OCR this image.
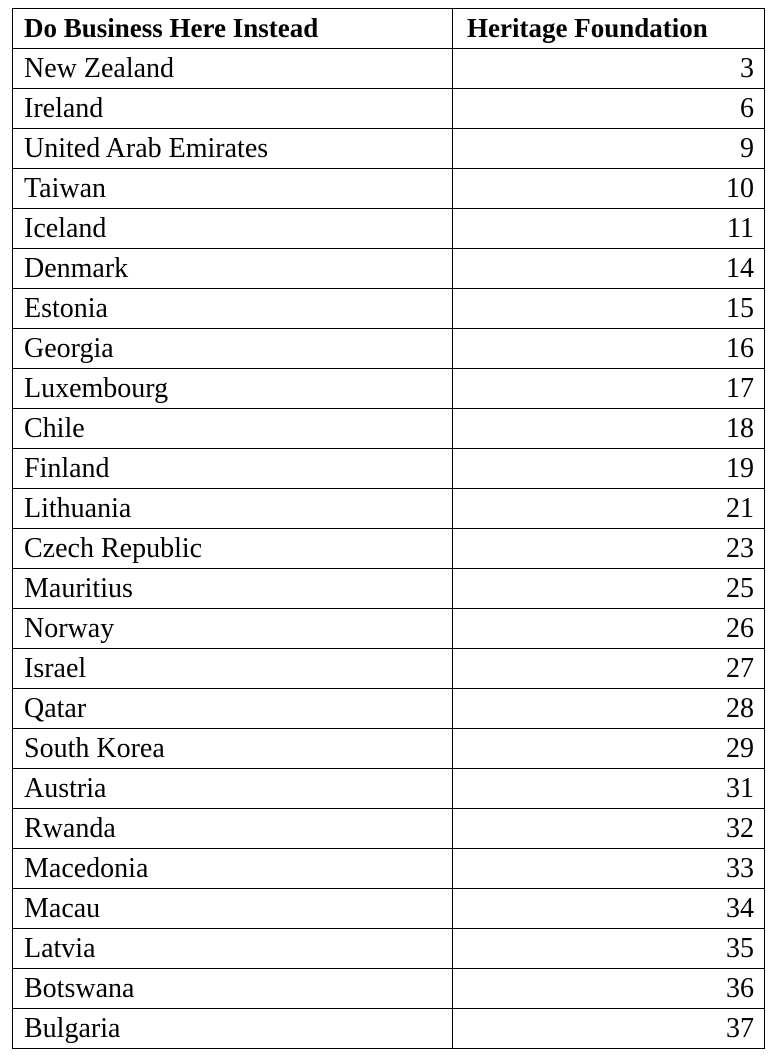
Do Business Here Instead	Heritage Foundation
New Zealand	3
Ireland	6
United Arab Emirates	9
Taiwan	10
Iceland	11
Denmark	14
Estonia	15
Georgia	16
Luxembourg	17
Chile	18
Finland	19
Lithuania	21
Czech Republic	23
Mauritius	25
Norway	26
Israel	27
Qatar	28
South Korea	29
Austria	31
Rwanda	32
Macedonia	33
Macau	34
Latvia	35
Botswana	36
Bulgaria	37
